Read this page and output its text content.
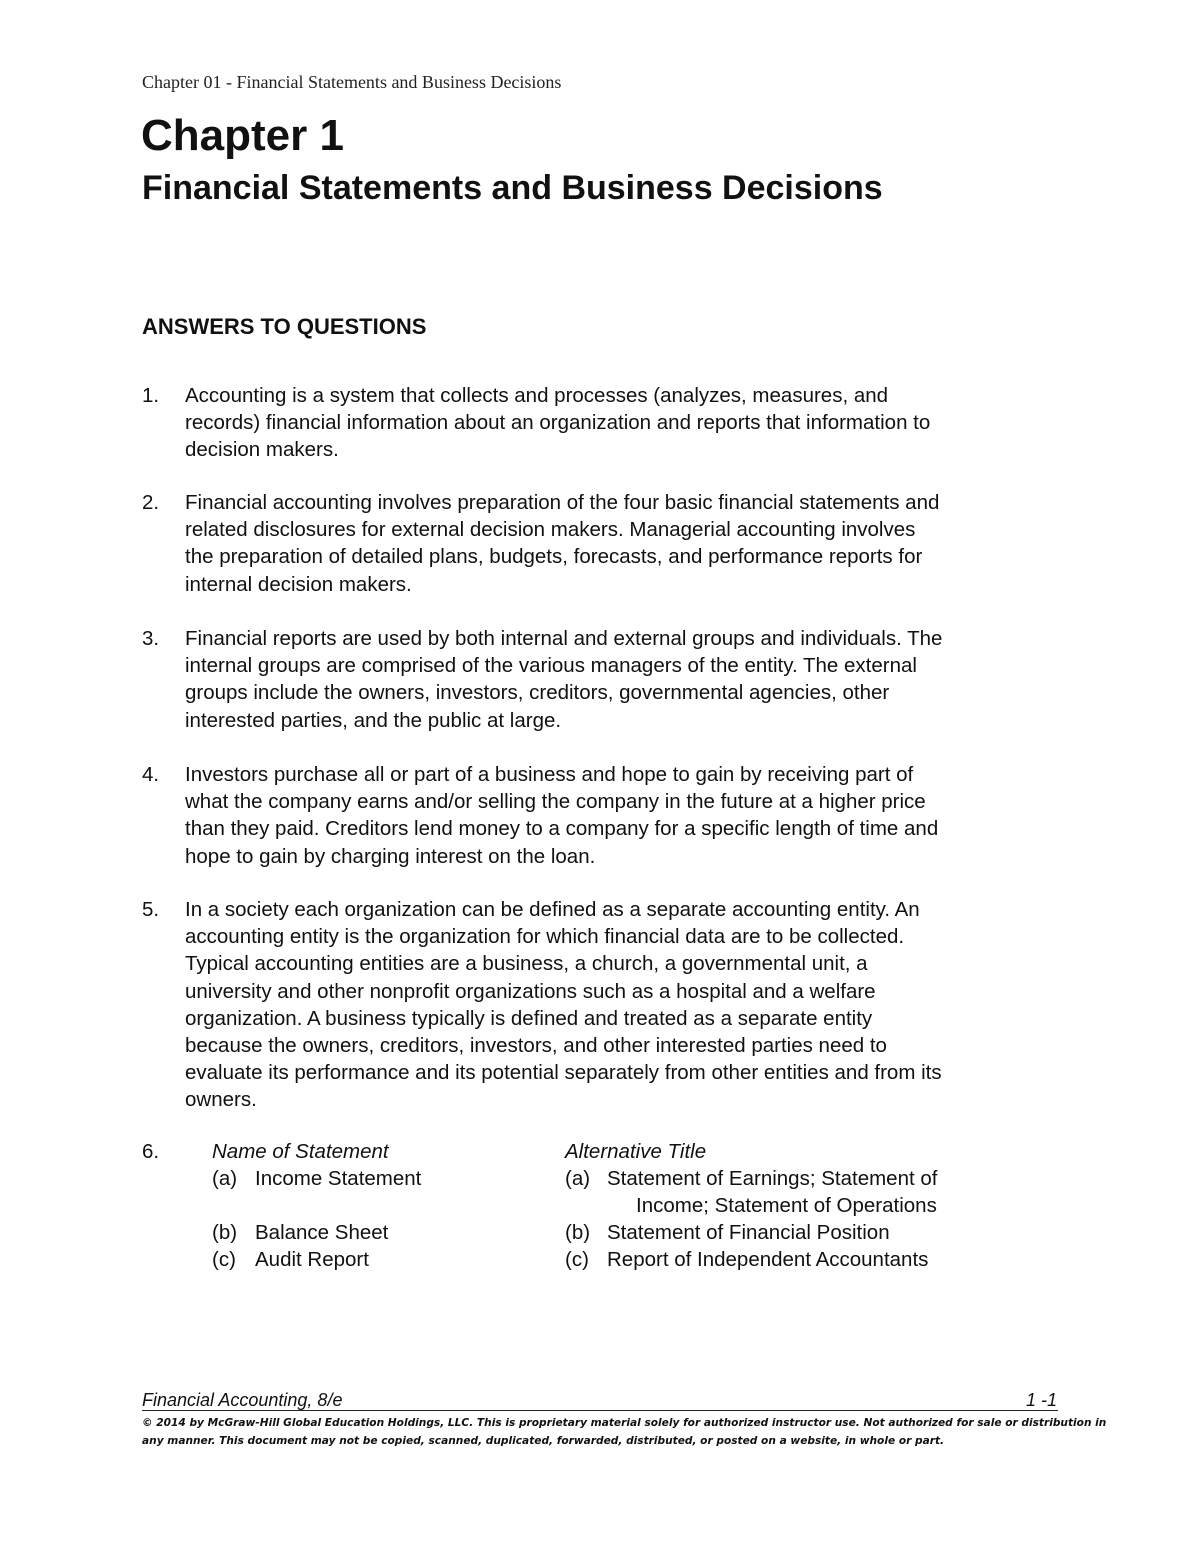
Chapter 01 - Financial Statements and Business Decisions
Chapter 1
Financial Statements and Business Decisions
ANSWERS TO QUESTIONS
1. Accounting is a system that collects and processes (analyzes, measures, and
records) financial information about an organization and reports that information to
decision makers.
2. Financial accounting involves preparation of the four basic financial statements and
related disclosures for external decision makers. Managerial accounting involves
the preparation of detailed plans, budgets, forecasts, and performance reports for
internal decision makers.
3. Financial reports are used by both internal and external groups and individuals. The
internal groups are comprised of the various managers of the entity. The external
groups include the owners, investors, creditors, governmental agencies, other
interested parties, and the public at large.
4. Investors purchase all or part of a business and hope to gain by receiving part of
what the company earns and/or selling the company in the future at a higher price
than they paid. Creditors lend money to a company for a specific length of time and
hope to gain by charging interest on the loan.
5. In a society each organization can be defined as a separate accounting entity. An
accounting entity is the organization for which financial data are to be collected.
Typical accounting entities are a business, a church, a governmental unit, a
university and other nonprofit organizations such as a hospital and a welfare
organization. A business typically is defined and treated as a separate entity
because the owners, creditors, investors, and other interested parties need to
evaluate its performance and its potential separately from other entities and from its
owners.
6.	Name of Statement	Alternative Title
(a) Income Statement	(a) Statement of Earnings; Statement of
Income; Statement of Operations
(b) Balance Sheet	(b) Statement of Financial Position
(c) Audit Report	(c) Report of Independent Accountants
Financial Accounting, 8/e	1 -1
© 2014 by McGraw-Hill Global Education Holdings, LLC. This is proprietary material solely for authorized instructor use. Not authorized for sale or distribution in
any manner. This document may not be copied, scanned, duplicated, forwarded, distributed, or posted on a website, in whole or part.
